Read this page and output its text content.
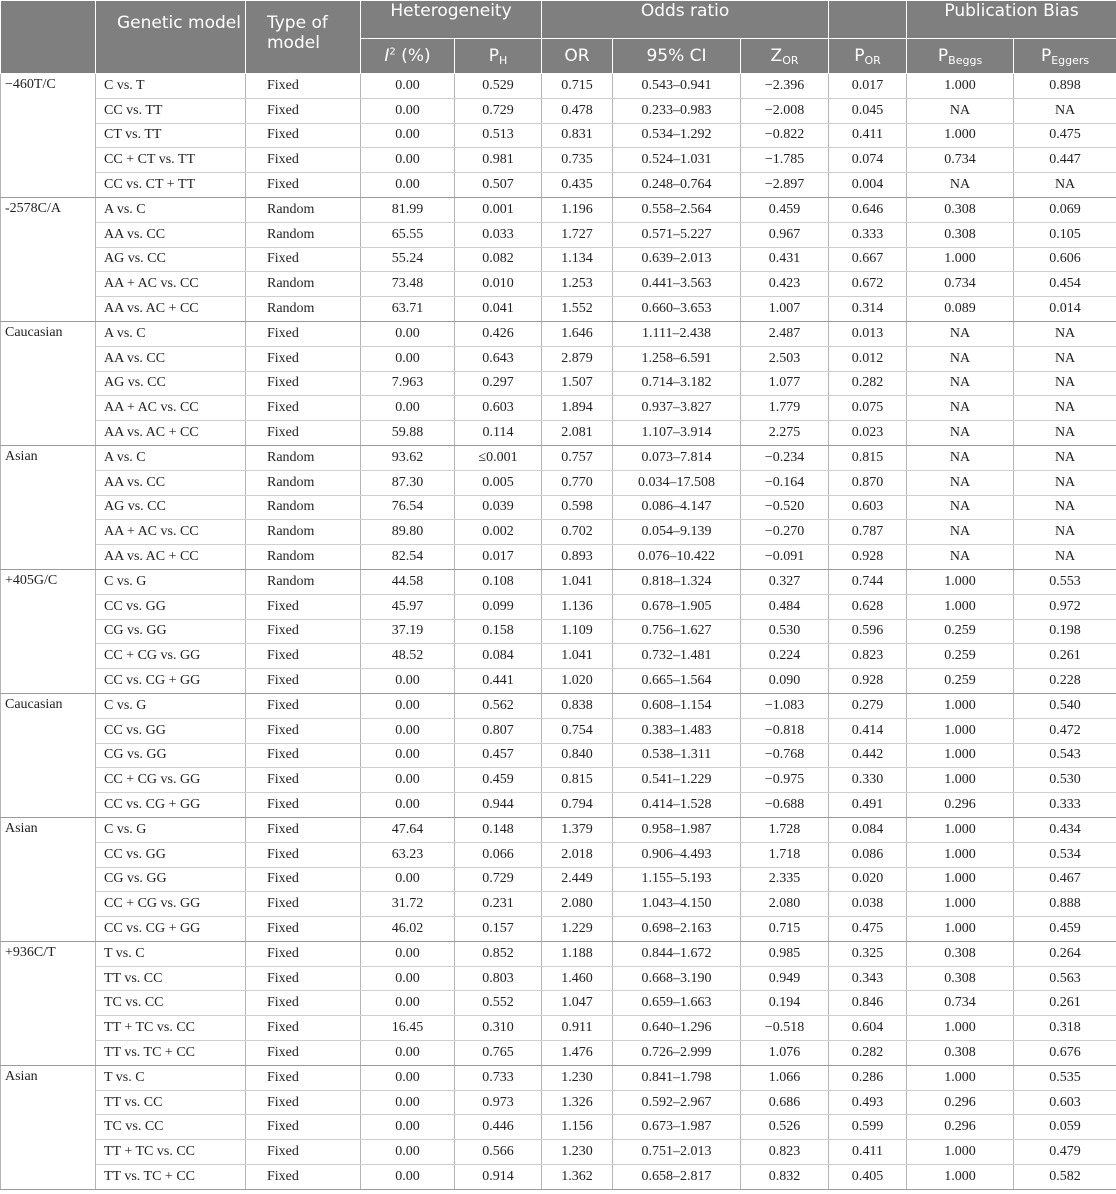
	Genetic model	Type of model	Heterogeneity		Odds ratio				Publication Bias	
			$I^2$ (%)	$P_H$	OR	95% CI	$Z_{OR}$	$P_{OR}$	$P_{Beggs}$	$P_{Eggers}$
−460T/C	C vs. T	Fixed	0.00	0.529	0.715	0.543–0.941	−2.396	0.017	1.000	0.898
	CC vs. TT	Fixed	0.00	0.729	0.478	0.233–0.983	−2.008	0.045	NA	NA
	CT vs. TT	Fixed	0.00	0.513	0.831	0.534–1.292	−0.822	0.411	1.000	0.475
	CC + CT vs. TT	Fixed	0.00	0.981	0.735	0.524–1.031	−1.785	0.074	0.734	0.447
	CC vs. CT + TT	Fixed	0.00	0.507	0.435	0.248–0.764	−2.897	0.004	NA	NA
-2578C/A	A vs. C	Random	81.99	0.001	1.196	0.558–2.564	0.459	0.646	0.308	0.069
	AA vs. CC	Random	65.55	0.033	1.727	0.571–5.227	0.967	0.333	0.308	0.105
	AG vs. CC	Fixed	55.24	0.082	1.134	0.639–2.013	0.431	0.667	1.000	0.606
	AA + AC vs. CC	Random	73.48	0.010	1.253	0.441–3.563	0.423	0.672	0.734	0.454
	AA vs. AC + CC	Random	63.71	0.041	1.552	0.660–3.653	1.007	0.314	0.089	0.014
Caucasian	A vs. C	Fixed	0.00	0.426	1.646	1.111–2.438	2.487	0.013	NA	NA
	AA vs. CC	Fixed	0.00	0.643	2.879	1.258–6.591	2.503	0.012	NA	NA
	AG vs. CC	Fixed	7.963	0.297	1.507	0.714–3.182	1.077	0.282	NA	NA
	AA + AC vs. CC	Fixed	0.00	0.603	1.894	0.937–3.827	1.779	0.075	NA	NA
	AA vs. AC + CC	Fixed	59.88	0.114	2.081	1.107–3.914	2.275	0.023	NA	NA
Asian	A vs. C	Random	93.62	≤0.001	0.757	0.073–7.814	−0.234	0.815	NA	NA
	AA vs. CC	Random	87.30	0.005	0.770	0.034–17.508	−0.164	0.870	NA	NA
	AG vs. CC	Random	76.54	0.039	0.598	0.086–4.147	−0.520	0.603	NA	NA
	AA + AC vs. CC	Random	89.80	0.002	0.702	0.054–9.139	−0.270	0.787	NA	NA
	AA vs. AC + CC	Random	82.54	0.017	0.893	0.076–10.422	−0.091	0.928	NA	NA
+405G/C	C vs. G	Random	44.58	0.108	1.041	0.818–1.324	0.327	0.744	1.000	0.553
	CC vs. GG	Fixed	45.97	0.099	1.136	0.678–1.905	0.484	0.628	1.000	0.972
	CG vs. GG	Fixed	37.19	0.158	1.109	0.756–1.627	0.530	0.596	0.259	0.198
	CC + CG vs. GG	Fixed	48.52	0.084	1.041	0.732–1.481	0.224	0.823	0.259	0.261
	CC vs. CG + GG	Fixed	0.00	0.441	1.020	0.665–1.564	0.090	0.928	0.259	0.228
Caucasian	C vs. G	Fixed	0.00	0.562	0.838	0.608–1.154	−1.083	0.279	1.000	0.540
	CC vs. GG	Fixed	0.00	0.807	0.754	0.383–1.483	−0.818	0.414	1.000	0.472
	CG vs. GG	Fixed	0.00	0.457	0.840	0.538–1.311	−0.768	0.442	1.000	0.543
	CC + CG vs. GG	Fixed	0.00	0.459	0.815	0.541–1.229	−0.975	0.330	1.000	0.530
	CC vs. CG + GG	Fixed	0.00	0.944	0.794	0.414–1.528	−0.688	0.491	0.296	0.333
Asian	C vs. G	Fixed	47.64	0.148	1.379	0.958–1.987	1.728	0.084	1.000	0.434
	CC vs. GG	Fixed	63.23	0.066	2.018	0.906–4.493	1.718	0.086	1.000	0.534
	CG vs. GG	Fixed	0.00	0.729	2.449	1.155–5.193	2.335	0.020	1.000	0.467
	CC + CG vs. GG	Fixed	31.72	0.231	2.080	1.043–4.150	2.080	0.038	1.000	0.888
	CC vs. CG + GG	Fixed	46.02	0.157	1.229	0.698–2.163	0.715	0.475	1.000	0.459
+936C/T	T vs. C	Fixed	0.00	0.852	1.188	0.844–1.672	0.985	0.325	0.308	0.264
	TT vs. CC	Fixed	0.00	0.803	1.460	0.668–3.190	0.949	0.343	0.308	0.563
	TC vs. CC	Fixed	0.00	0.552	1.047	0.659–1.663	0.194	0.846	0.734	0.261
	TT + TC vs. CC	Fixed	16.45	0.310	0.911	0.640–1.296	−0.518	0.604	1.000	0.318
	TT vs. TC + CC	Fixed	0.00	0.765	1.476	0.726–2.999	1.076	0.282	0.308	0.676
Asian	T vs. C	Fixed	0.00	0.733	1.230	0.841–1.798	1.066	0.286	1.000	0.535
	TT vs. CC	Fixed	0.00	0.973	1.326	0.592–2.967	0.686	0.493	0.296	0.603
	TC vs. CC	Fixed	0.00	0.446	1.156	0.673–1.987	0.526	0.599	0.296	0.059
	TT + TC vs. CC	Fixed	0.00	0.566	1.230	0.751–2.013	0.823	0.411	1.000	0.479
	TT vs. TC + CC	Fixed	0.00	0.914	1.362	0.658–2.817	0.832	0.405	1.000	0.582
